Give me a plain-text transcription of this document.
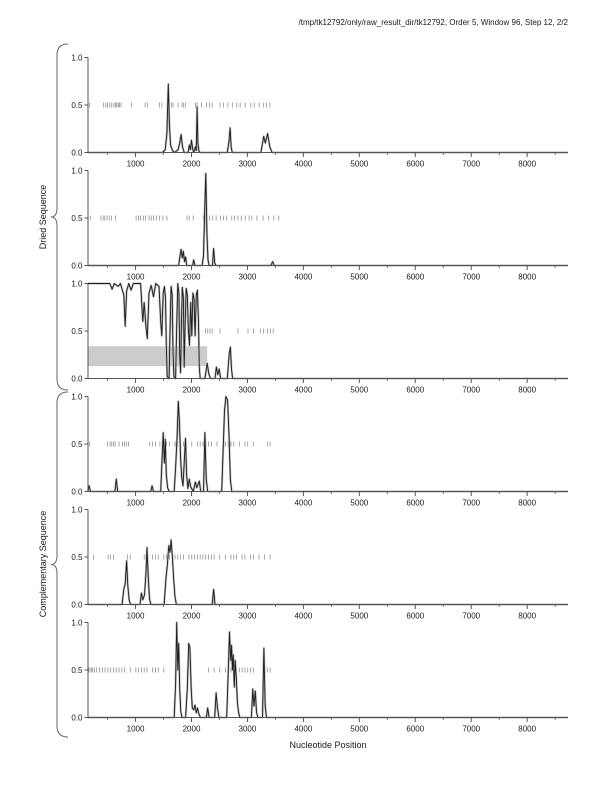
/tmp/tk12792/only/raw_result_dir/tk12792, Order 5, Window 96, Step 12, 2/2
1000	2000	3000	4000	5000	6000	7000	8000
0.0
0.5
1.0
1000	2000	3000	4000	5000	6000	7000	8000
0.0
0.5
1.0
1000	2000	3000	4000	5000	6000	7000	8000
0.0
0.5
1.0
1000	2000	3000	4000	5000	6000	7000	8000
0.0
0.5
1.0
1000	2000	3000	4000	5000	6000	7000	8000
0.0
0.5
1.0
1000	2000	3000	4000	5000	6000	7000	8000
0.0
0.5
1.0
Dried Sequence
Complementary Sequence
Nucleotide Position
